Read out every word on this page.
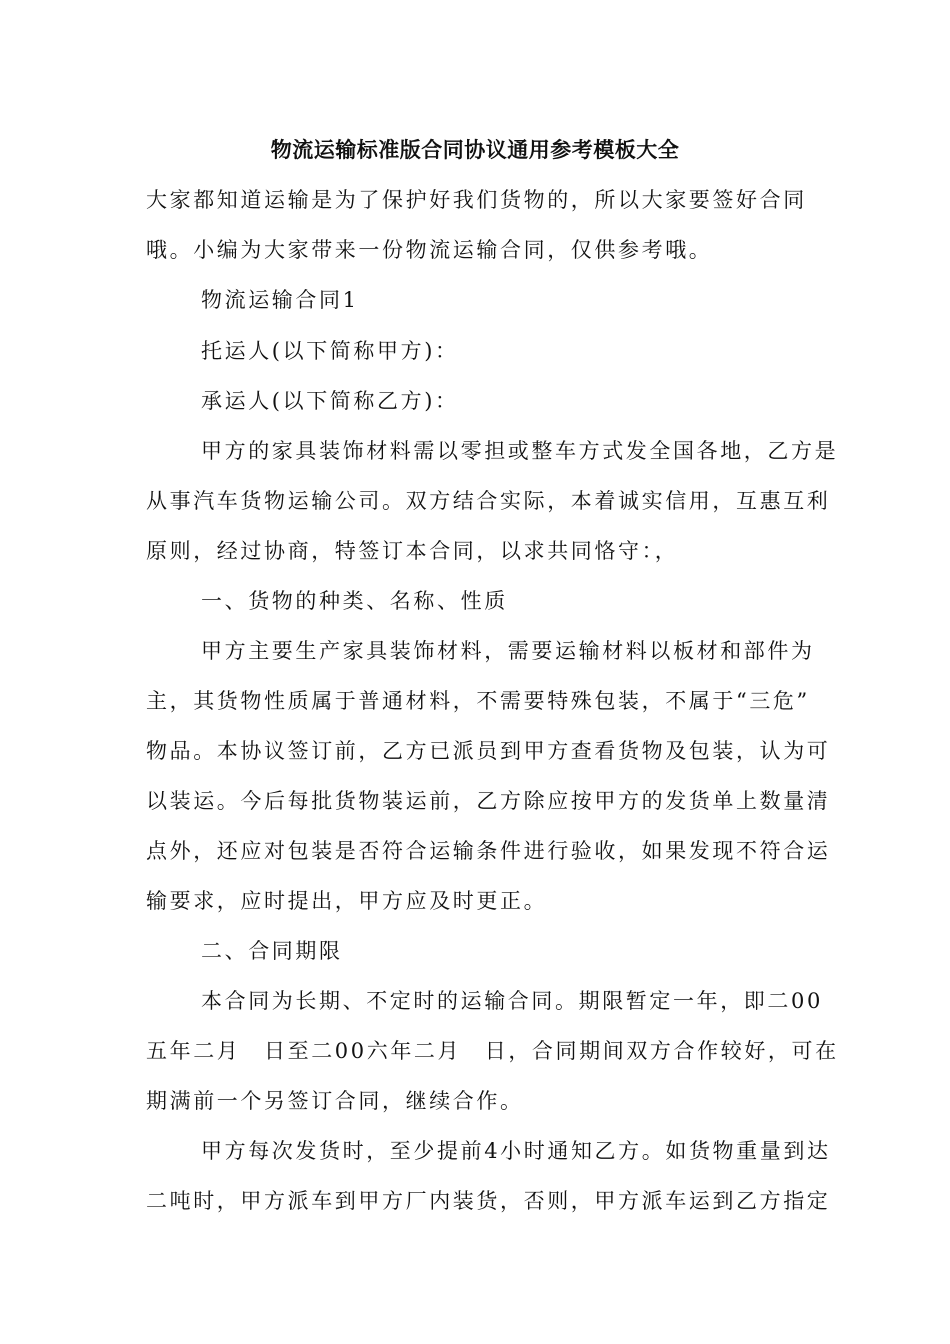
物流运输标准版合同协议通用参考模板大全
大家都知道运输是为了保护好我们货物的，所以大家要签好合同
哦。小编为大家带来一份物流运输合同，仅供参考哦。
物流运输合同1
托运人(以下简称甲方)：
承运人(以下简称乙方)：
甲方的家具装饰材料需以零担或整车方式发全国各地，乙方是
从事汽车货物运输公司。双方结合实际，本着诚实信用，互惠互利
原则，经过协商，特签订本合同，以求共同恪守：，
一、货物的种类、名称、性质
甲方主要生产家具装饰材料，需要运输材料以板材和部件为
主，其货物性质属于普通材料，不需要特殊包装，不属于“三危”
物品。本协议签订前，乙方已派员到甲方查看货物及包装，认为可
以装运。今后每批货物装运前，乙方除应按甲方的发货单上数量清
点外，还应对包装是否符合运输条件进行验收，如果发现不符合运
输要求，应时提出，甲方应及时更正。
二、合同期限
本合同为长期、不定时的运输合同。期限暂定一年，即二00
五年二月　日至二00六年二月　日，合同期间双方合作较好，可在
期满前一个另签订合同，继续合作。
甲方每次发货时，至少提前4小时通知乙方。如货物重量到达
二吨时，甲方派车到甲方厂内装货，否则，甲方派车运到乙方指定
